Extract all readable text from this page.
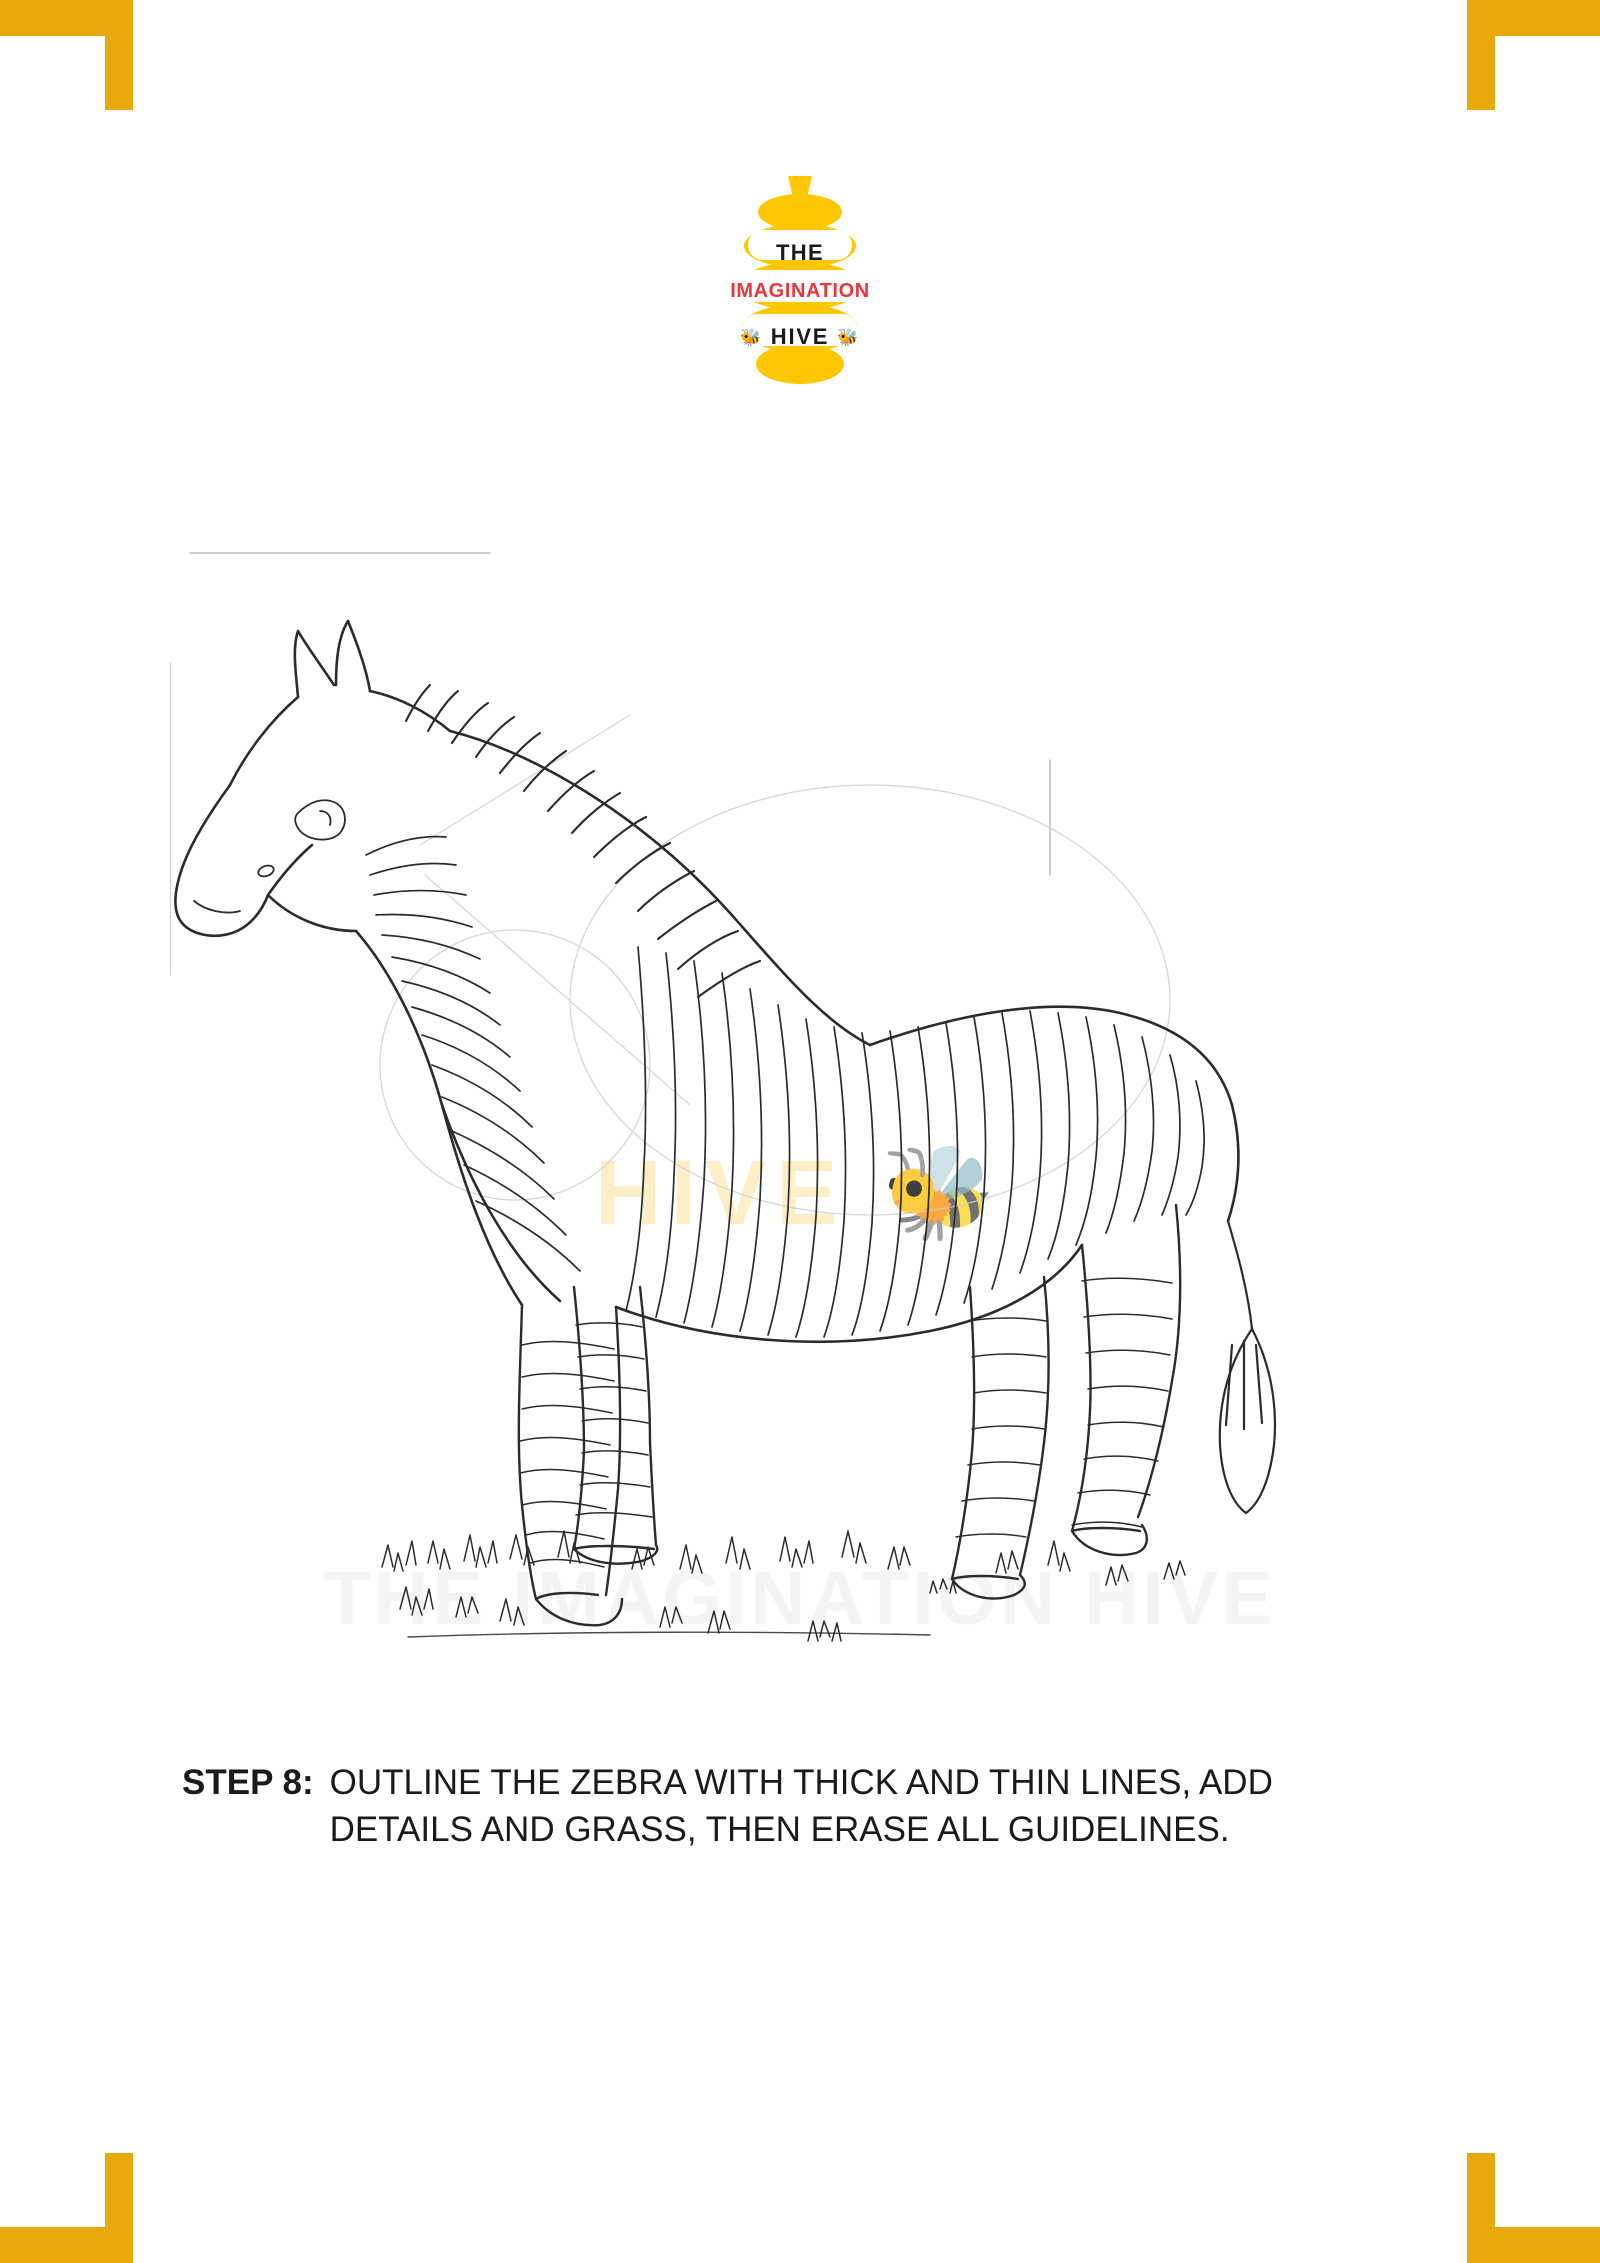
THE
IMAGINATION
🐝 HIVE 🐝
HIVE 🐝
THE IMAGINATION HIVE
STEP 8: OUTLINE THE ZEBRA WITH THICK AND THIN LINES, ADD DETAILS AND GRASS, THEN ERASE ALL GUIDELINES.
